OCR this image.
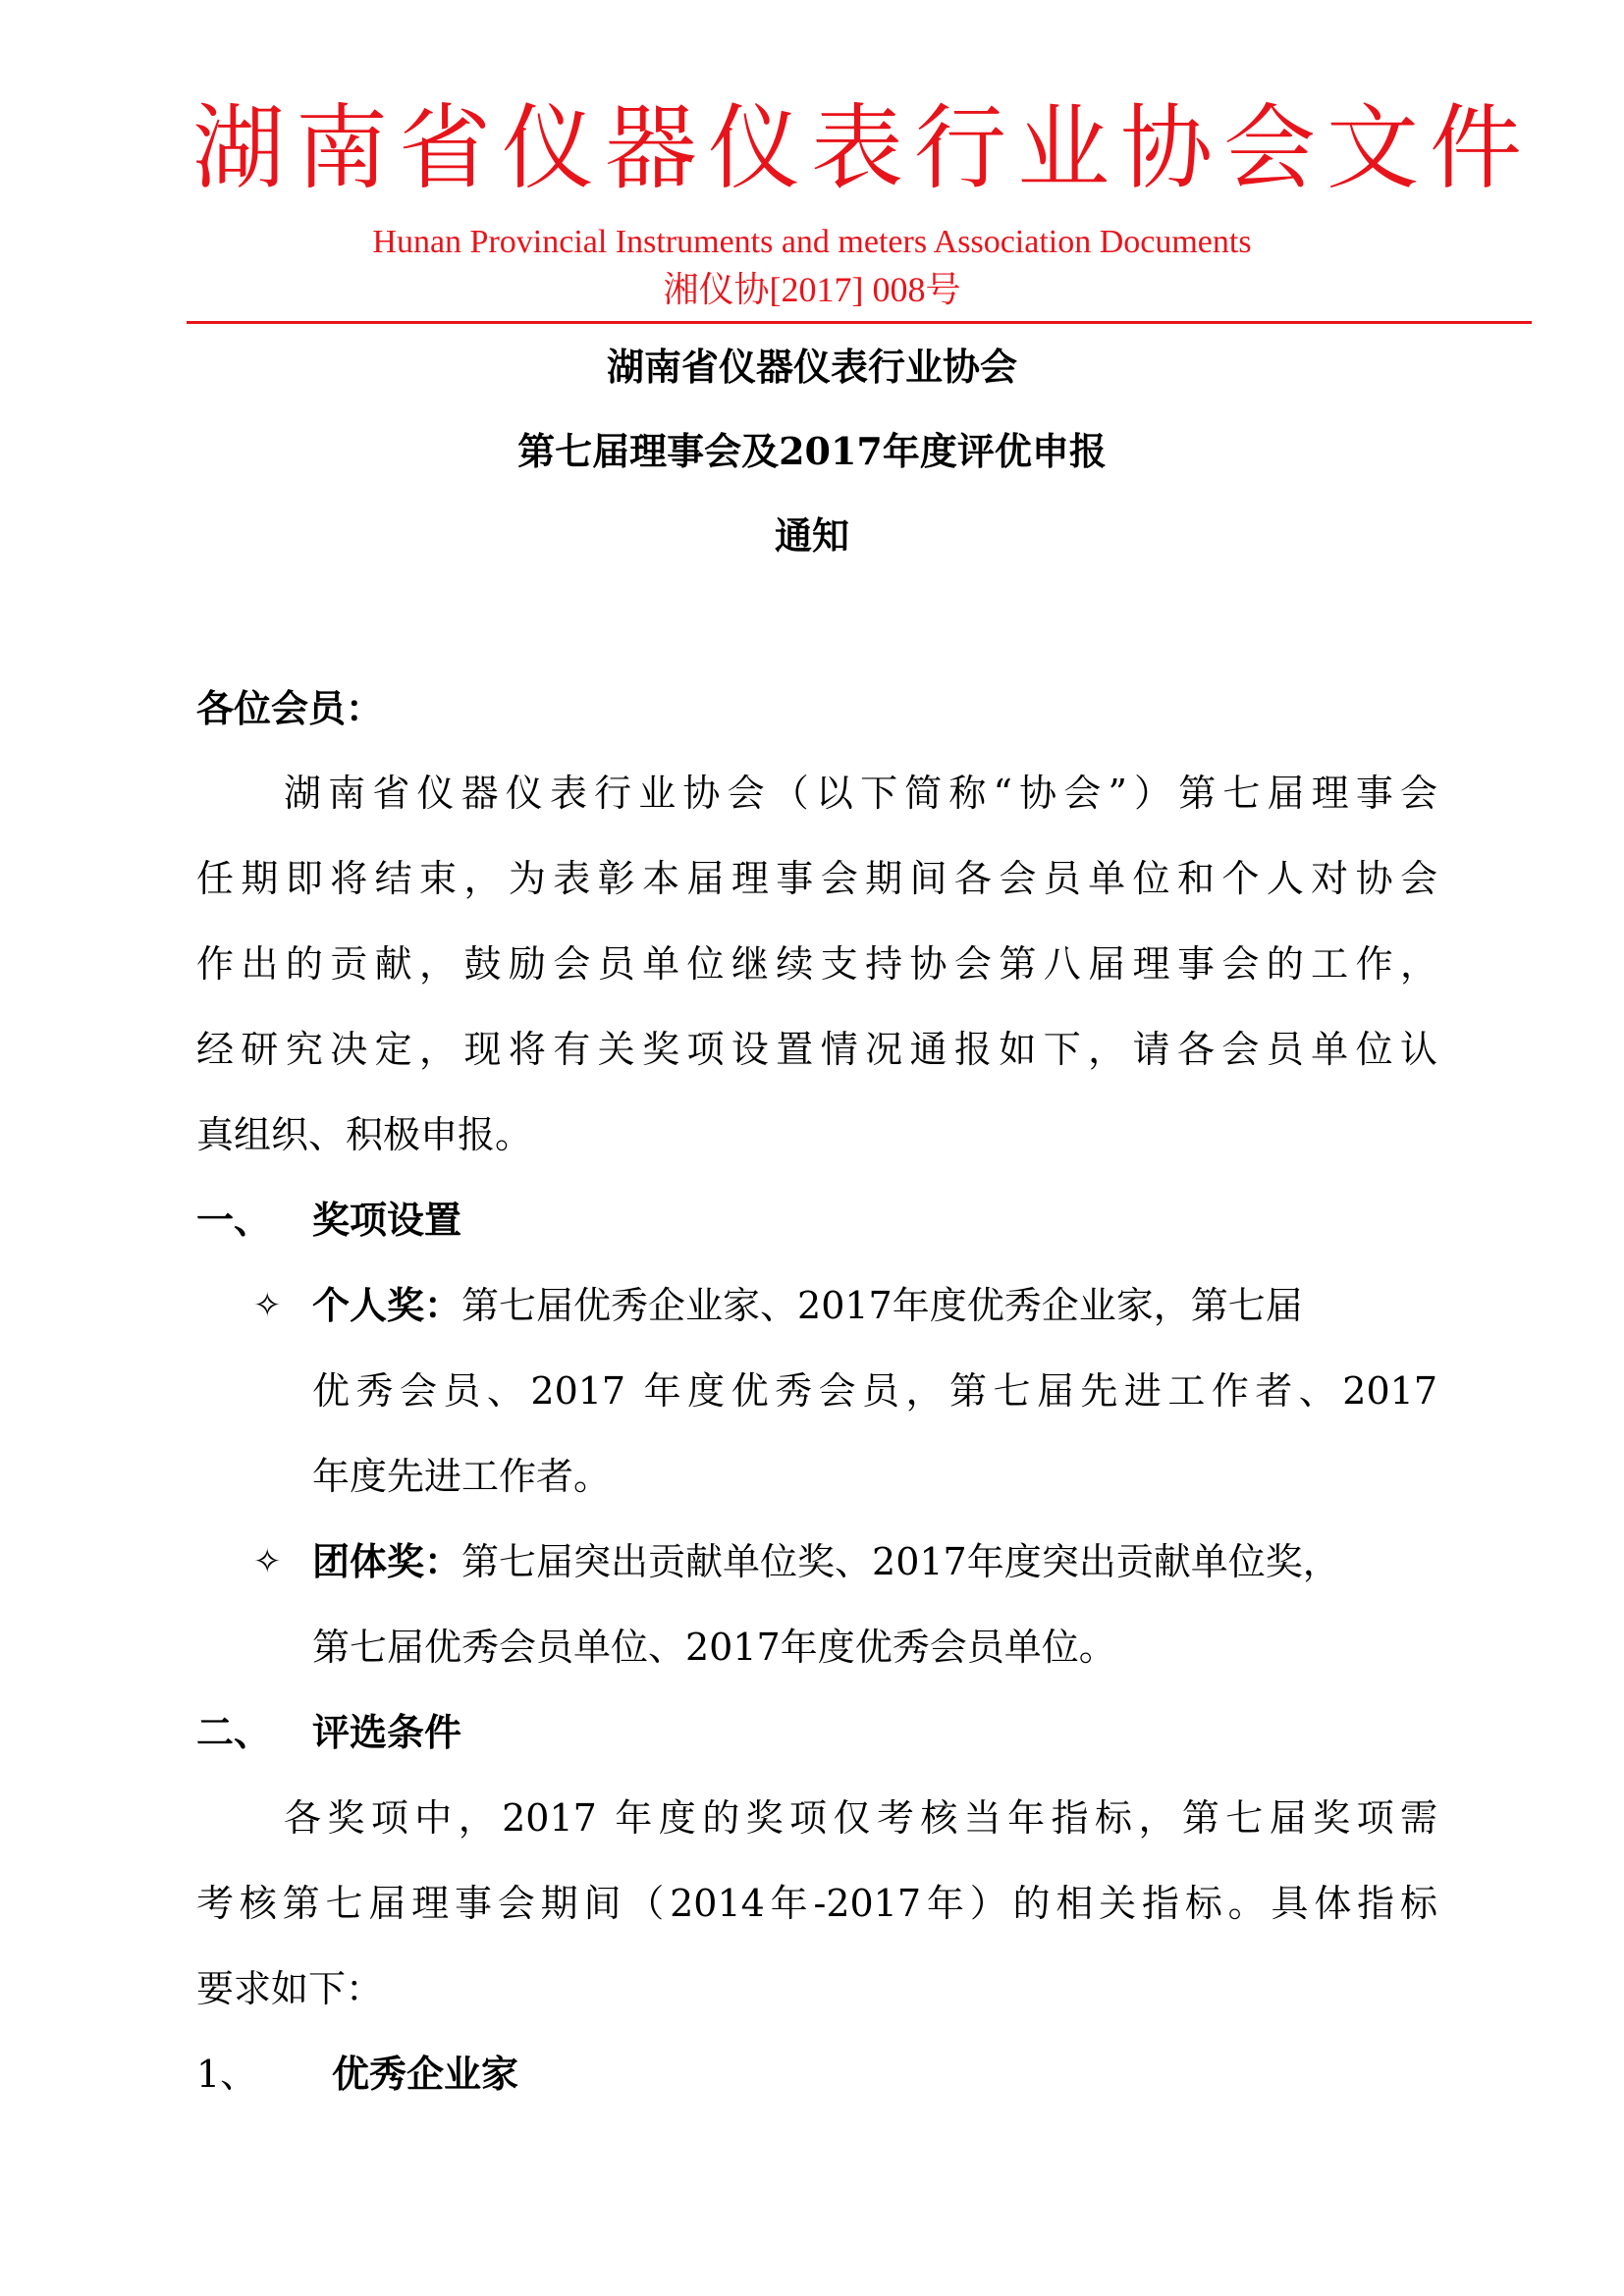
湖南省仪器仪表行业协会文件
Hunan Provincial Instruments and meters Association Documents
湘仪协[2017] 008号
湖南省仪器仪表行业协会
第七届理事会及2017年度评优申报
通知
各位会员：
湖南省仪器仪表行业协会（以下简称“协会”）第七届理事会
任期即将结束，为表彰本届理事会期间各会员单位和个人对协会
作出的贡献，鼓励会员单位继续支持协会第八届理事会的工作，
经研究决定，现将有关奖项设置情况通报如下，请各会员单位认
真组织、积极申报。
一、 奖项设置
✧ 个人奖：第七届优秀企业家、2017年度优秀企业家，第七届
优秀会员、2017 年度优秀会员，第七届先进工作者、2017
年度先进工作者。
✧ 团体奖：第七届突出贡献单位奖、2017年度突出贡献单位奖，
第七届优秀会员单位、2017年度优秀会员单位。
二、 评选条件
各奖项中，2017 年度的奖项仅考核当年指标，第七届奖项需
考核第七届理事会期间（2014年-2017年）的相关指标。具体指标
要求如下：
1、 优秀企业家
